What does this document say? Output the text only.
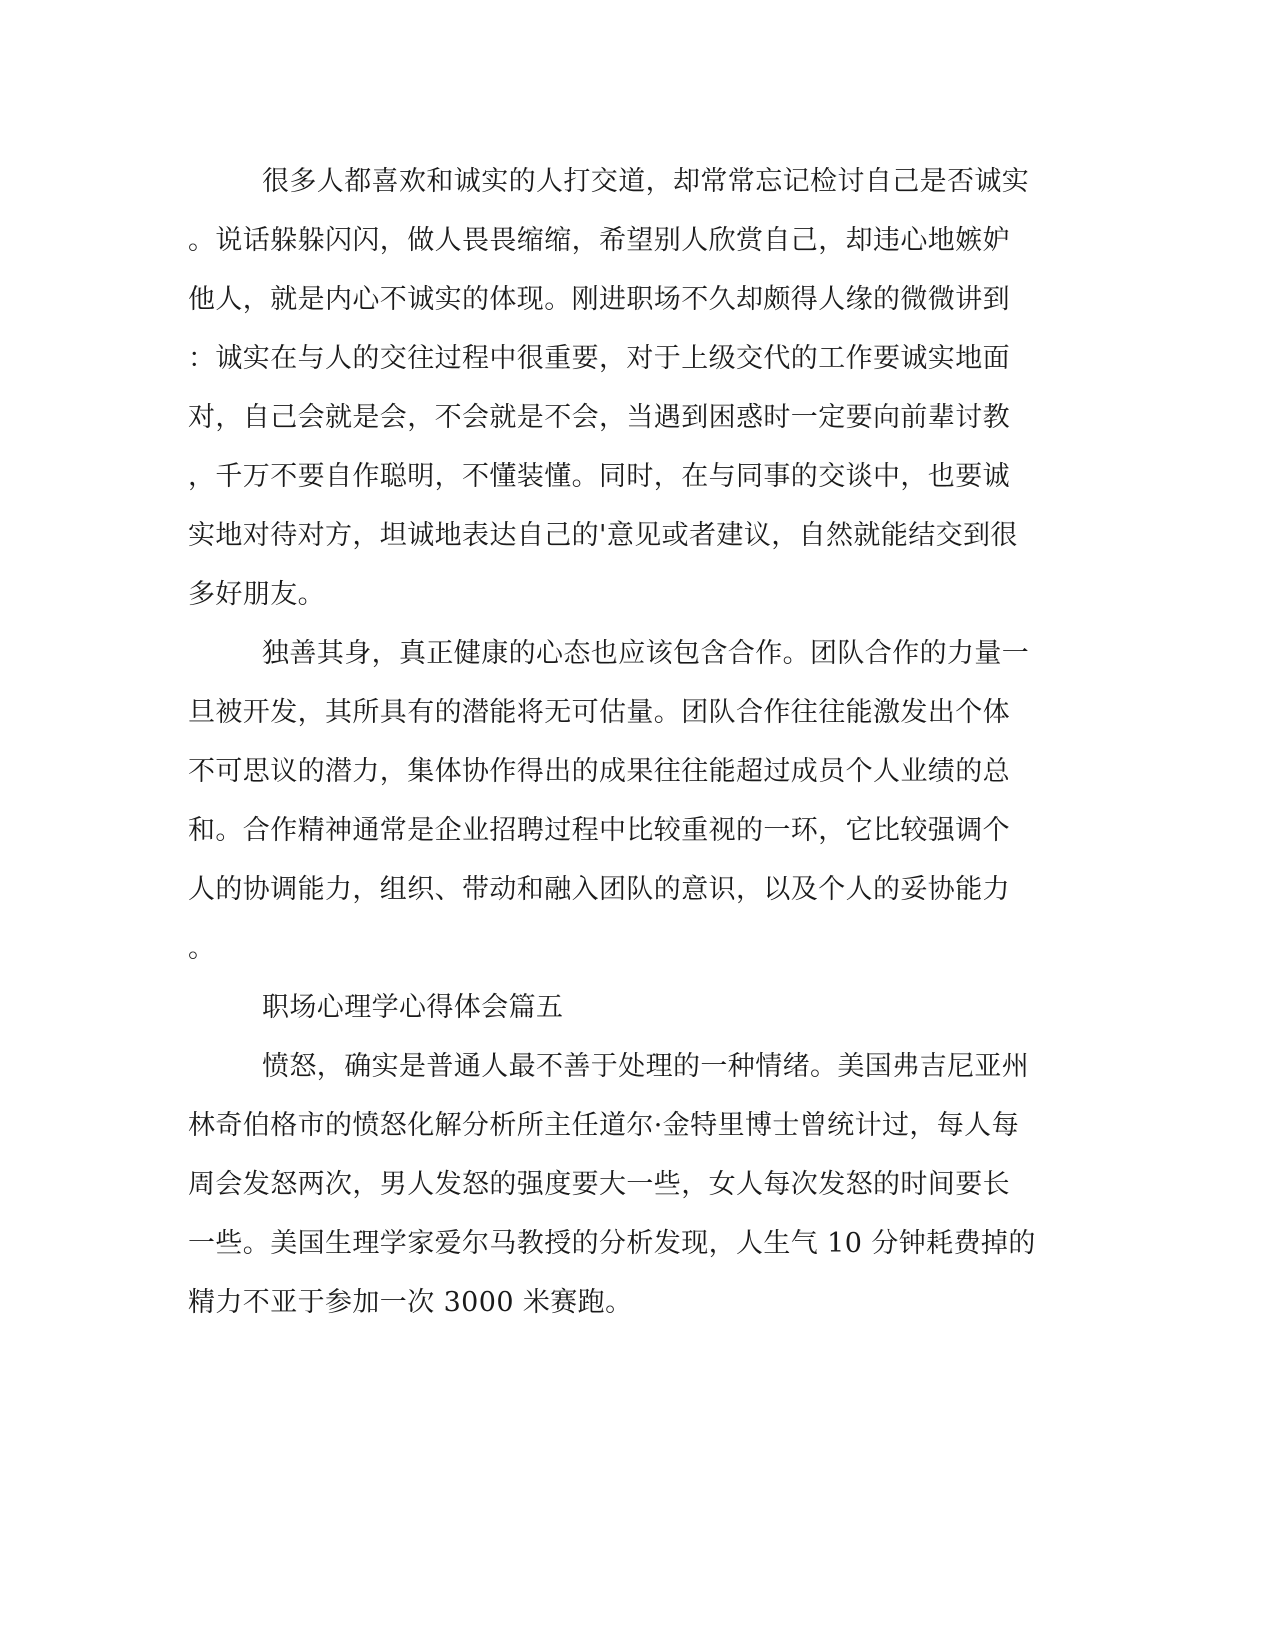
很多人都喜欢和诚实的人打交道，却常常忘记检讨自己是否诚实
。说话躲躲闪闪，做人畏畏缩缩，希望别人欣赏自己，却违心地嫉妒
他人，就是内心不诚实的体现。刚进职场不久却颇得人缘的微微讲到
：诚实在与人的交往过程中很重要，对于上级交代的工作要诚实地面
对，自己会就是会，不会就是不会，当遇到困惑时一定要向前辈讨教
，千万不要自作聪明，不懂装懂。同时，在与同事的交谈中，也要诚
实地对待对方，坦诚地表达自己的'意见或者建议，自然就能结交到很
多好朋友。
独善其身，真正健康的心态也应该包含合作。团队合作的力量一
旦被开发，其所具有的潜能将无可估量。团队合作往往能激发出个体
不可思议的潜力，集体协作得出的成果往往能超过成员个人业绩的总
和。合作精神通常是企业招聘过程中比较重视的一环，它比较强调个
人的协调能力，组织、带动和融入团队的意识，以及个人的妥协能力
。
职场心理学心得体会篇五
愤怒，确实是普通人最不善于处理的一种情绪。美国弗吉尼亚州
林奇伯格市的愤怒化解分析所主任道尔·金特里博士曾统计过，每人每
周会发怒两次，男人发怒的强度要大一些，女人每次发怒的时间要长
一些。美国生理学家爱尔马教授的分析发现，人生气 10 分钟耗费掉的
精力不亚于参加一次 3000 米赛跑。
